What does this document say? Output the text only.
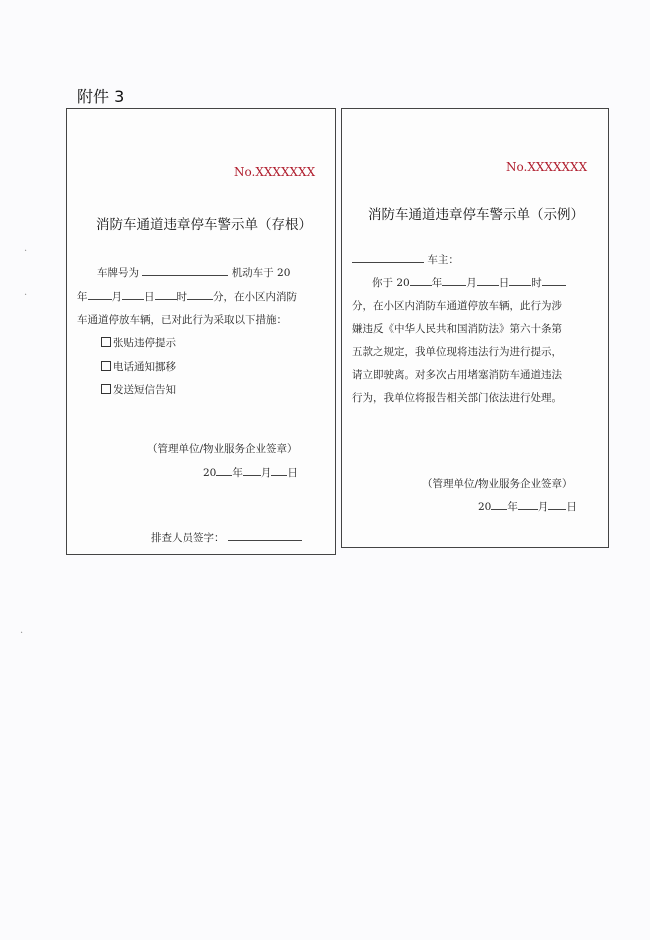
附件 3
No.XXXXXXX
消防车通道违章停车警示单（存根）
车牌号为	机动车于 20
年 月 日 时 分，在小区内消防
车通道停放车辆，已对此行为采取以下措施：
张贴违停提示
电话通知挪移
发送短信告知
（管理单位/物业服务企业签章）
20 年 月 日
排查人员签字：
No.XXXXXXX
消防车通道违章停车警示单（示例）
车主：
你于 20 年 月 日 时
分，在小区内消防车通道停放车辆，此行为涉
嫌违反《中华人民共和国消防法》第六十条第
五款之规定，我单位现将违法行为进行提示，
请立即驶离。对多次占用堵塞消防车通道违法
行为，我单位将报告相关部门依法进行处理。
（管理单位/物业服务企业签章）
20 年 月 日
·
·
·
